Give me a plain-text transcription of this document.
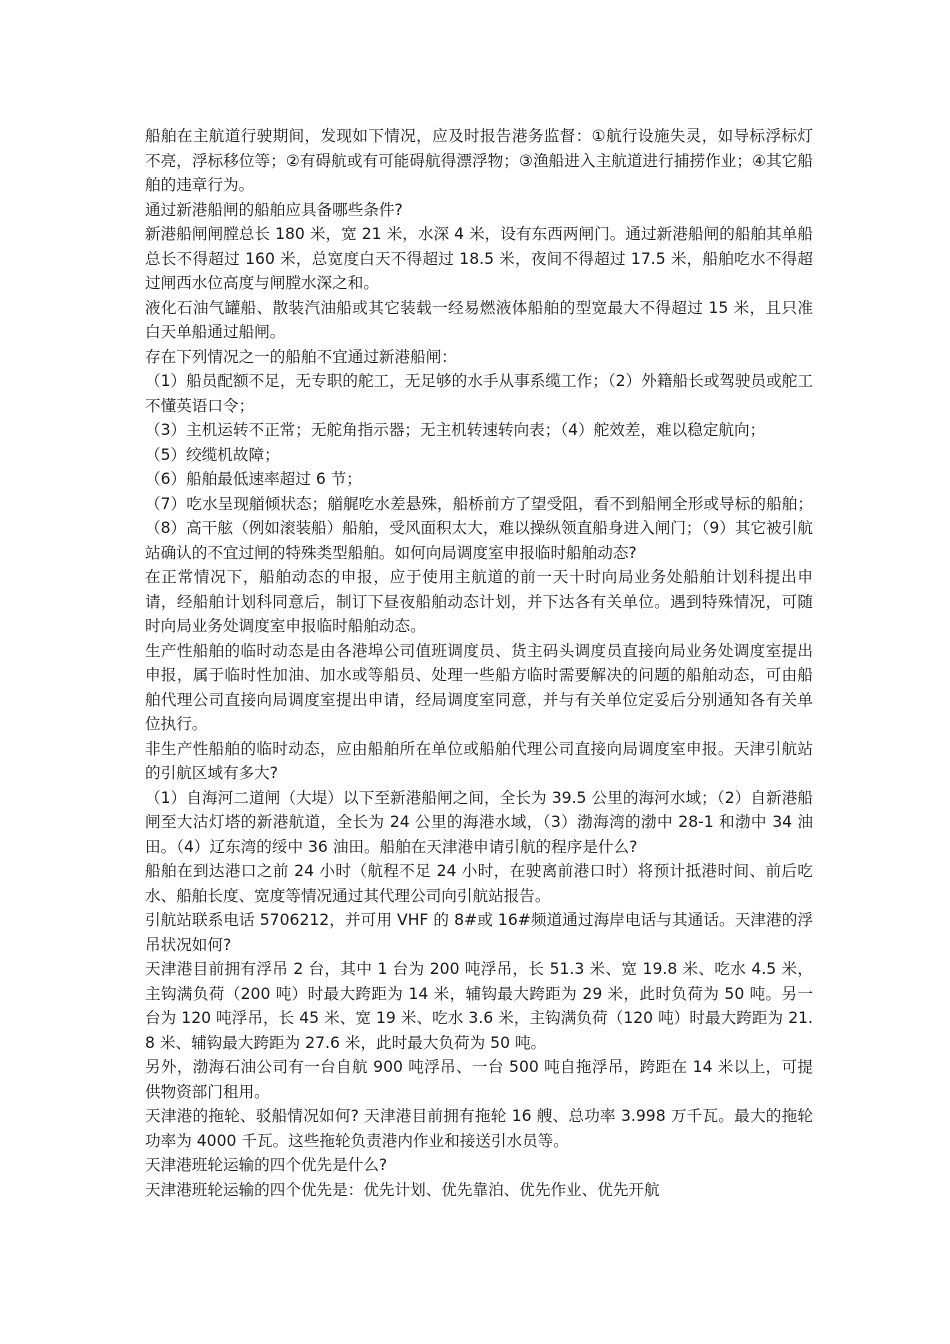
船舶在主航道行驶期间，发现如下情况，应及时报告港务监督：①航行设施失灵，如导标浮标灯不亮，浮标移位等；②有碍航或有可能碍航得漂浮物；③渔船进入主航道进行捕捞作业；④其它船舶的违章行为。

通过新港船闸的船舶应具备哪些条件?

新港船闸闸膛总长 180 米，宽 21 米，水深 4 米，设有东西两闸门。通过新港船闸的船舶其单船总长不得超过 160 米，总宽度白天不得超过 18.5 米，夜间不得超过 17.5 米，船舶吃水不得超过闸西水位高度与闸膛水深之和。

液化石油气罐船、散装汽油船或其它装载一经易燃液体船舶的型宽最大不得超过 15 米，且只准白天单船通过船闸。

存在下列情况之一的船舶不宜通过新港船闸：

（1）船员配额不足，无专职的舵工，无足够的水手从事系缆工作；（2）外籍船长或驾驶员或舵工不懂英语口令；

（3）主机运转不正常；无舵角指示器；无主机转速转向表；（4）舵效差，难以稳定航向；

（5）绞缆机故障；

（6）船舶最低速率超过 6 节；

（7）吃水呈现艏倾状态；艏艉吃水差悬殊，船桥前方了望受阻，看不到船闸全形或导标的船舶；（8）高干舷（例如滚装船）船舶，受风面积太大，难以操纵领直船身进入闸门；（9）其它被引航站确认的不宜过闸的特殊类型船舶。如何向局调度室申报临时船舶动态?

在正常情况下，船舶动态的申报，应于使用主航道的前一天十时向局业务处船舶计划科提出申请，经船舶计划科同意后，制订下昼夜船舶动态计划，并下达各有关单位。遇到特殊情况，可随时向局业务处调度室申报临时船舶动态。

生产性船舶的临时动态是由各港埠公司值班调度员、货主码头调度员直接向局业务处调度室提出申报，属于临时性加油、加水或等船员、处理一些船方临时需要解决的问题的船舶动态，可由船舶代理公司直接向局调度室提出申请，经局调度室同意，并与有关单位定妥后分别通知各有关单位执行。

非生产性船舶的临时动态，应由船舶所在单位或船舶代理公司直接向局调度室申报。天津引航站的引航区域有多大?

（1）自海河二道闸（大堤）以下至新港船闸之间，全长为 39.5 公里的海河水域；（2）自新港船闸至大沽灯塔的新港航道，全长为 24 公里的海港水域，（3）渤海湾的渤中 28-1 和渤中 34 油田。（4）辽东湾的绥中 36 油田。船舶在天津港申请引航的程序是什么?

船舶在到达港口之前 24 小时（航程不足 24 小时，在驶离前港口时）将预计抵港时间、前后吃水、船舶长度、宽度等情况通过其代理公司向引航站报告。

引航站联系电话 5706212，并可用 VHF 的 8#或 16#频道通过海岸电话与其通话。天津港的浮吊状况如何?

天津港目前拥有浮吊 2 台，其中 1 台为 200 吨浮吊，长 51.3 米、宽 19.8 米、吃水 4.5 米，主钩满负荷（200 吨）时最大跨距为 14 米，辅钩最大跨距为 29 米，此时负荷为 50 吨。另一台为 120 吨浮吊，长 45 米、宽 19 米、吃水 3.6 米，主钩满负荷（120 吨）时最大跨距为 21.8 米、辅钩最大跨距为 27.6 米，此时最大负荷为 50 吨。

另外，渤海石油公司有一台自航 900 吨浮吊、一台 500 吨自拖浮吊，跨距在 14 米以上，可提供物资部门租用。

天津港的拖轮、驳船情况如何? 天津港目前拥有拖轮 16 艘、总功率 3.998 万千瓦。最大的拖轮功率为 4000 千瓦。这些拖轮负责港内作业和接送引水员等。

天津港班轮运输的四个优先是什么?

天津港班轮运输的四个优先是：优先计划、优先靠泊、优先作业、优先开航
